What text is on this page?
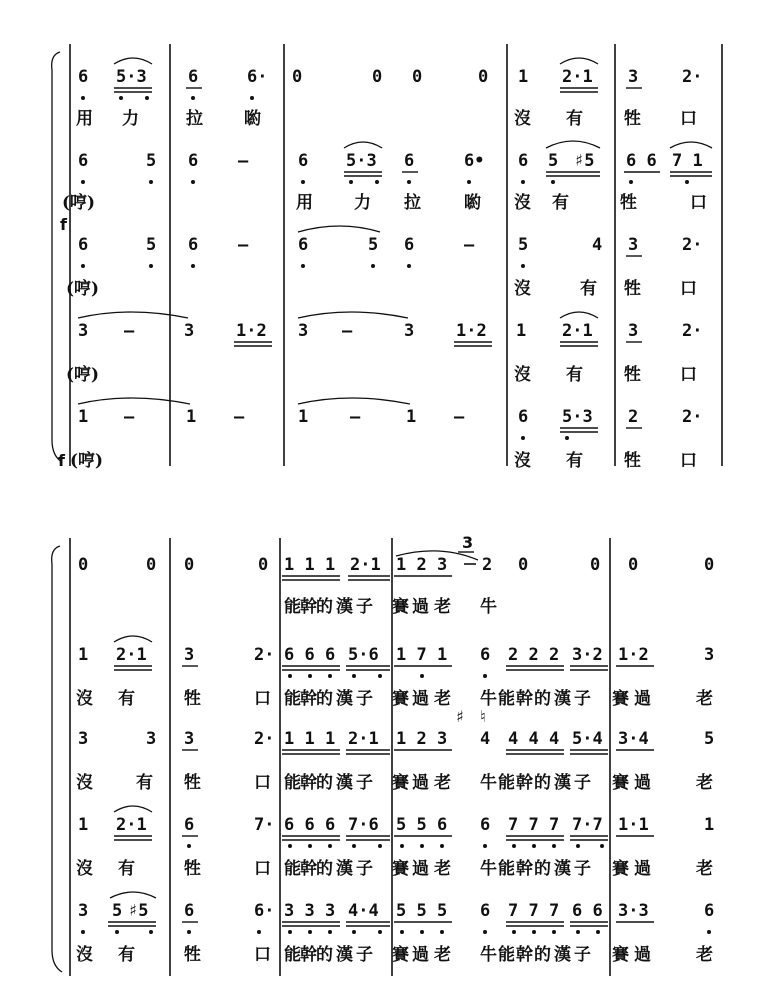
6 5·3 6	6· 0	0 0	0 1 2·1 3	2·
用 力	拉 喲	沒 有 牲 口
6	5 6 —	6 5·3 6	6• 6 5 ♯5 6 6 7 1
(哼)	用 力 拉	喲 沒 有	牲	口
f
6	5 6 —	6	5 6	—	5	4 3	2·
(哼)	沒	有 牲 口
3 —	3 1·2 3 —	3 1·2 1 2·1 3	2·
(哼)	沒 有 牲 口
1 —	1 —	1 —	1 —	6 5·3 2	2·
f (哼)	沒 有 牲 口
3
0	0 0	0 1 1 1 2·1 1 2 3 2 0	0 0	0
能 幹 的 漢 子 賽 過 老 牛
1 2·1 3	2· 6 6 6 5·6 1 7 1 6 2 2 2 3·2 1·2	3
沒 有	牲	口 能 幹 的 漢 子 賽 過 老 牛 能 幹 的 漢 子 賽 過	老
♯ ♮
3	3 3	2· 1 1 1 2·1 1 2 3 4 4 4 4 5·4 3·4	5
沒	有 牲	口 能 幹 的 漢 子 賽 過 老 牛 能 幹 的 漢 子 賽 過	老
1 2·1 6	7· 6 6 6 7·6 5 5 6 6 7 7 7 7·7 1·1	1
沒 有	牲	口 能 幹 的 漢 子 賽 過 老 牛 能 幹 的 漢 子 賽 過	老
3 5 ♯5 6	6· 3 3 3 4·4 5 5 5 6 7 7 7 6 6 3·3	6
沒 有	牲	口 能 幹 的 漢 子 賽 過 老 牛 能 幹 的 漢 子 賽 過	老
